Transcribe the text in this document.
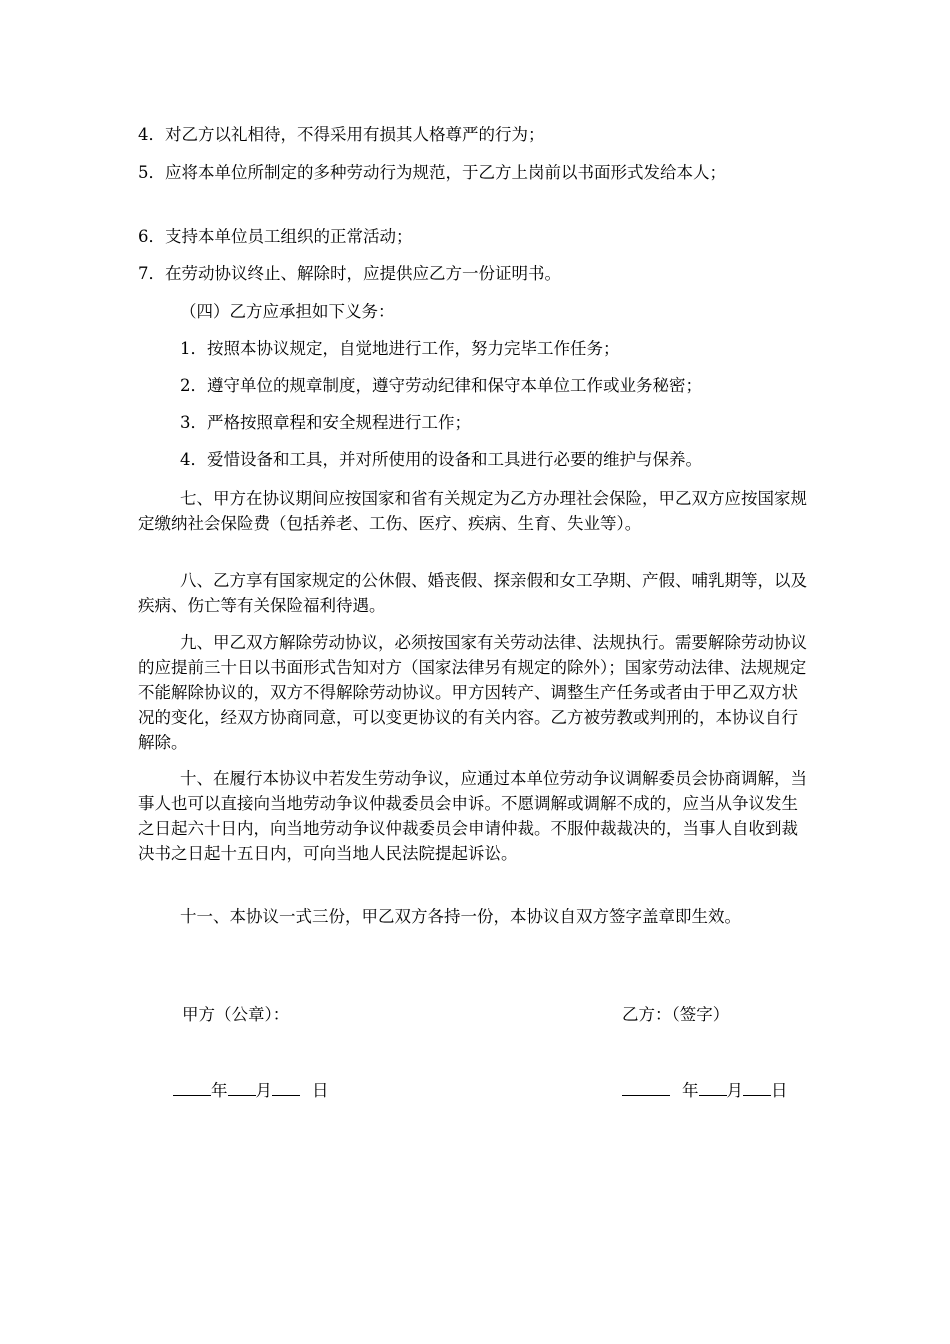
4．对乙方以礼相待，不得采用有损其人格尊严的行为；

5．应将本单位所制定的多种劳动行为规范，于乙方上岗前以书面形式发给本人；

6．支持本单位员工组织的正常活动；

7．在劳动协议终止、解除时，应提供应乙方一份证明书。

（四）乙方应承担如下义务：

1．按照本协议规定，自觉地进行工作，努力完毕工作任务；

2．遵守单位的规章制度，遵守劳动纪律和保守本单位工作或业务秘密；

3．严格按照章程和安全规程进行工作；

4．爱惜设备和工具，并对所使用的设备和工具进行必要的维护与保养。

七、甲方在协议期间应按国家和省有关规定为乙方办理社会保险，甲乙双方应按国家规定缴纳社会保险费（包括养老、工伤、医疗、疾病、生育、失业等）。

八、乙方享有国家规定的公休假、婚丧假、探亲假和女工孕期、产假、哺乳期等，以及疾病、伤亡等有关保险福利待遇。

九、甲乙双方解除劳动协议，必须按国家有关劳动法律、法规执行。需要解除劳动协议的应提前三十日以书面形式告知对方（国家法律另有规定的除外）；国家劳动法律、法规规定不能解除协议的，双方不得解除劳动协议。甲方因转产、调整生产任务或者由于甲乙双方状况的变化，经双方协商同意，可以变更协议的有关内容。乙方被劳教或判刑的，本协议自行解除。

十、在履行本协议中若发生劳动争议，应通过本单位劳动争议调解委员会协商调解，当事人也可以直接向当地劳动争议仲裁委员会申诉。不愿调解或调解不成的，应当从争议发生之日起六十日内，向当地劳动争议仲裁委员会申请仲裁。不服仲裁裁决的，当事人自收到裁决书之日起十五日内，可向当地人民法院提起诉讼。

十一、本协议一式三份，甲乙双方各持一份，本协议自双方签字盖章即生效。

甲方（公章）：	乙方：（签字）
年 月 日	年 月 日
